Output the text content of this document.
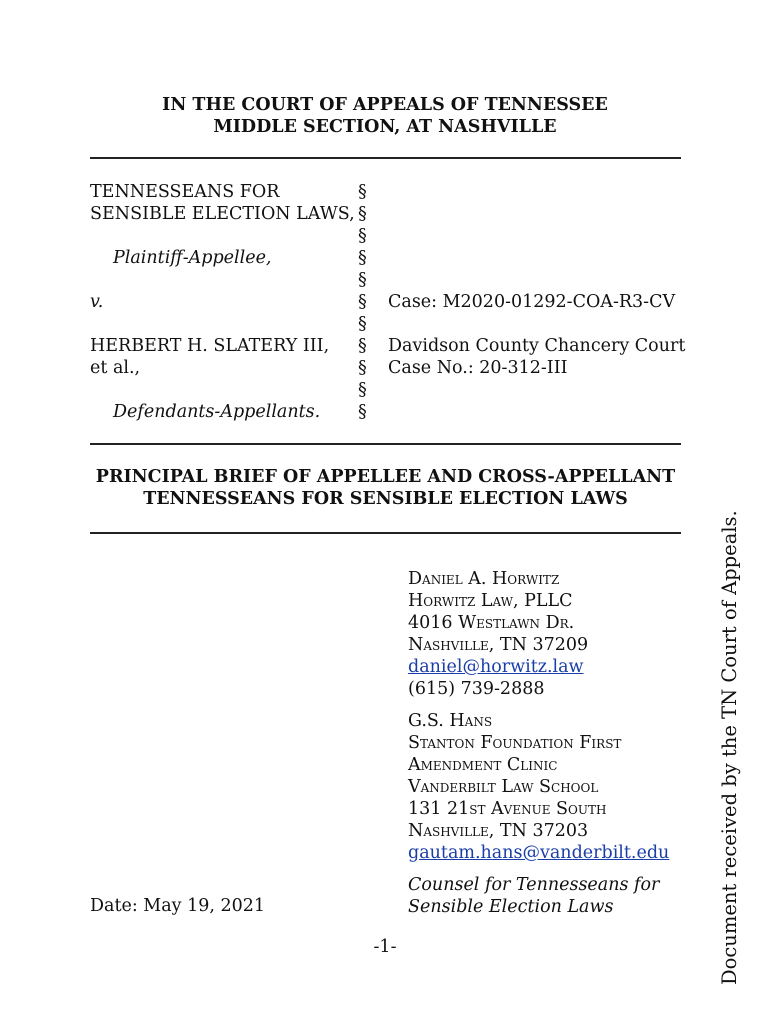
IN THE COURT OF APPEALS OF TENNESSEE
MIDDLE SECTION, AT NASHVILLE
TENNESSEANS FOR
SENSIBLE ELECTION LAWS,
Plaintiff-Appellee,
v.
HERBERT H. SLATERY III,
et al.,
Defendants-Appellants.
§
§
§
§
§
§
§
§
§
§
§
Case: M2020-01292-COA-R3-CV
Davidson County Chancery Court
Case No.: 20-312-III
PRINCIPAL BRIEF OF APPELLEE AND CROSS-APPELLANT
TENNESSEANS FOR SENSIBLE ELECTION LAWS
Daniel A. Horwitz
Horwitz Law, PLLC
4016 Westlawn Dr.
Nashville, TN 37209
daniel@horwitz.law
(615) 739-2888
G.S. Hans
Stanton Foundation First
Amendment Clinic
Vanderbilt Law School
131 21st Avenue South
Nashville, TN 37203
gautam.hans@vanderbilt.edu
Counsel for Tennesseans for
Sensible Election Laws
Date: May 19, 2021
-1-	Document received by the TN Court of Appeals.
